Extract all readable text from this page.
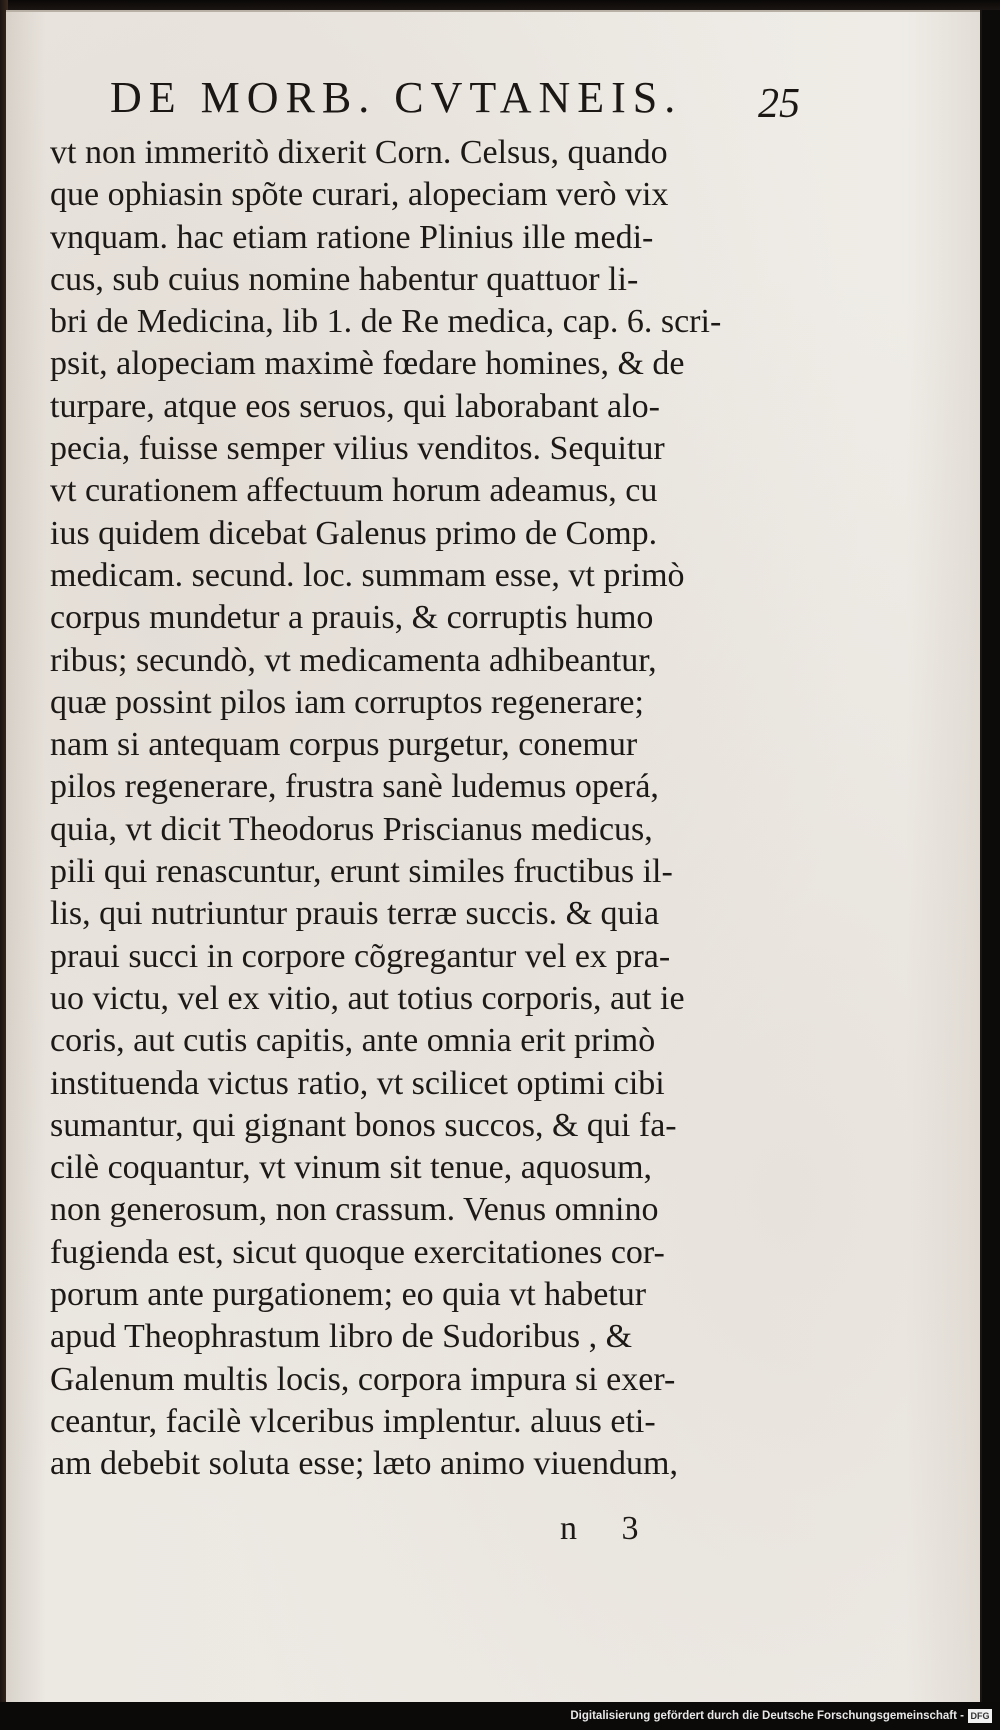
DE MORB. CVTANEIS. 25
vt non immeritò dixerit Corn. Celsus, quando
que ophiasin spõte curari, alopeciam verò vix
vnquam. hac etiam ratione Plinius ille medi-
cus, sub cuius nomine habentur quattuor li-
bri de Medicina, lib 1. de Re medica, cap. 6. scri-
psit, alopeciam maximè fœdare homines, & de
turpare, atque eos seruos, qui laborabant alo-
pecia, fuisse semper vilius venditos. Sequitur
vt curationem affectuum horum adeamus, cu
ius quidem dicebat Galenus primo de Comp.
medicam. secund. loc. summam esse, vt primò
corpus mundetur a prauis, & corruptis humo
ribus; secundò, vt medicamenta adhibeantur,
quæ possint pilos iam corruptos regenerare;
nam si antequam corpus purgetur, conemur
pilos regenerare, frustra sanè ludemus operá,
quia, vt dicit Theodorus Priscianus medicus,
pili qui renascuntur, erunt similes fructibus il-
lis, qui nutriuntur prauis terræ succis. & quia
praui succi in corpore cõgregantur vel ex pra-
uo victu, vel ex vitio, aut totius corporis, aut ie
coris, aut cutis capitis, ante omnia erit primò
instituenda victus ratio, vt scilicet optimi cibi
sumantur, qui gignant bonos succos, & qui fa-
cilè coquantur, vt vinum sit tenue, aquosum,
non generosum, non crassum. Venus omnino
fugienda est, sicut quoque exercitationes cor-
porum ante purgationem; eo quia vt habetur
apud Theophrastum libro de Sudoribus , &
Galenum multis locis, corpora impura si exer-
ceantur, facilè vlceribus implentur. aluus eti-
am debebit soluta esse; læto animo viuendum,
n 3
Digitalisierung gefördert durch die Deutsche Forschungsgemeinschaft - DFG
